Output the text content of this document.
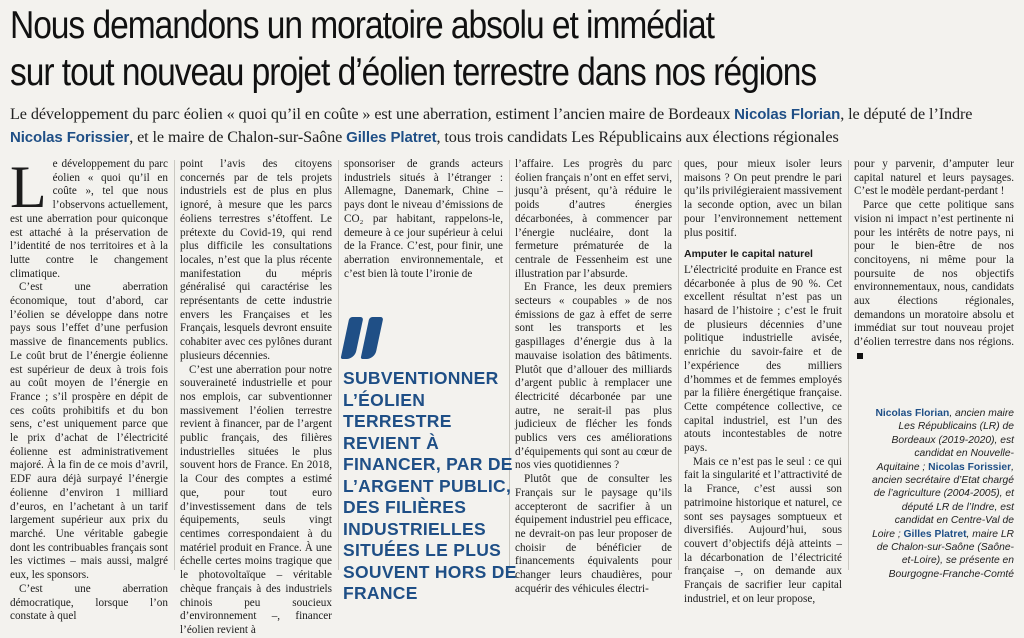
Nous demandons un moratoire absolu et immédiat
sur tout nouveau projet d’éolien terrestre dans nos régions
Le développement du parc éolien « quoi qu’il en coûte » est une aberration, estiment l’ancien maire de Bordeaux Nicolas Florian, le député de l’Indre Nicolas Forissier, et le maire de Chalon-sur-Saône Gilles Platret, tous trois candidats Les Républicains aux élections régionales
L e développement du parc éolien « quoi qu’il en coûte », tel que nous l’observons actuellement, est une aberration pour quiconque est attaché à la préservation de l’identité de nos territoires et à la lutte contre le changement climatique.

C’est une aberration économique, tout d’abord, car l’éolien se développe dans notre pays sous l’effet d’une perfusion massive de financements publics. Le coût brut de l’énergie éolienne est supérieur de deux à trois fois au coût moyen de l’énergie en France ; s’il prospère en dépit de ces coûts prohibitifs et du bon sens, c’est uniquement parce que le prix d’achat de l’électricité éolienne est administrativement majoré. À la fin de ce mois d’avril, EDF aura déjà surpayé l’énergie éolienne d’environ 1 milliard d’euros, en l’achetant à un tarif largement supérieur aux prix du marché. Une véritable gabegie dont les contribuables français sont les victimes – mais aussi, malgré eux, les sponsors.

C’est une aberration démocratique, lorsque l’on constate à quel

point l’avis des citoyens concernés par de tels projets industriels est de plus en plus ignoré, à mesure que les parcs éoliens terrestres s’étoffent. Le prétexte du Covid-19, qui rend plus difficile les consultations locales, n’est que la plus récente manifestation du mépris généralisé qui caractérise les représentants de cette industrie envers les Françaises et les Français, lesquels devront ensuite cohabiter avec ces pylônes durant plusieurs décennies.

C’est une aberration pour notre souveraineté industrielle et pour nos emplois, car subventionner massivement l’éolien terrestre revient à financer, par de l’argent public français, des filières industrielles situées le plus souvent hors de France. En 2018, la Cour des comptes a estimé que, pour tout euro d’investissement dans de tels équipements, seuls vingt centimes correspondaient à du matériel produit en France. À une échelle certes moins tragique que le photovoltaïque – véritable chèque français à des industriels chinois peu soucieux d’environnement –, financer l’éolien revient à

sponsoriser de grands acteurs industriels situés à l’étranger : Allemagne, Danemark, Chine – pays dont le niveau d’émissions de CO₂ par habitant, rappelons-le, demeure à ce jour supérieur à celui de la France. C’est, pour finir, une aberration environnementale, et c’est bien là toute l’ironie de

SUBVENTIONNER L’ÉOLIEN TERRESTRE REVIENT À FINANCER, PAR DE L’ARGENT PUBLIC, DES FILIÈRES INDUSTRIELLES SITUÉES LE PLUS SOUVENT HORS DE FRANCE

l’affaire. Les progrès du parc éolien français n’ont en effet servi, jusqu’à présent, qu’à réduire le poids d’autres énergies décarbonées, à commencer par l’énergie nucléaire, dont la fermeture prématurée de la centrale de Fessenheim est une illustration par l’absurde.

En France, les deux premiers secteurs « coupables » de nos émissions de gaz à effet de serre sont les transports et les gaspillages d’énergie dus à la mauvaise isolation des bâtiments. Plutôt que d’allouer des milliards d’argent public à remplacer une électricité décarbonée par une autre, ne serait-il pas plus judicieux de flécher les fonds publics vers ces améliorations d’équipements qui sont au cœur de nos vies quotidiennes ?

Plutôt que de consulter les Français sur le paysage qu’ils accepteront de sacrifier à un équipement industriel peu efficace, ne devrait-on pas leur proposer de choisir de bénéficier de financements équivalents pour changer leurs chaudières, pour acquérir des véhicules électri-

ques, pour mieux isoler leurs maisons ? On peut prendre le pari qu’ils privilégieraient massivement la seconde option, avec un bilan pour l’environnement nettement plus positif.

Amputer le capital naturel

L’électricité produite en France est décarbonée à plus de 90 %. Cet excellent résultat n’est pas un hasard de l’histoire ; c’est le fruit de plusieurs décennies d’une politique industrielle avisée, enrichie du savoir-faire et de l’expérience des milliers d’hommes et de femmes employés par la filière énergétique française. Cette compétence collective, ce capital industriel, est l’un des atouts incontestables de notre pays.

Mais ce n’est pas le seul : ce qui fait la singularité et l’attractivité de la France, c’est aussi son patrimoine historique et naturel, ce sont ses paysages somptueux et diversifiés. Aujourd’hui, sous couvert d’objectifs déjà atteints – la décarbonation de l’électricité française –, on demande aux Français de sacrifier leur capital industriel, et on leur propose,

pour y parvenir, d’amputer leur capital naturel et leurs paysages. C’est le modèle perdant-perdant !

Parce que cette politique sans vision ni impact n’est pertinente ni pour les intérêts de notre pays, ni pour le bien-être de nos concitoyens, ni même pour la poursuite de nos objectifs environnementaux, nous, candidats aux élections régionales, demandons un moratoire absolu et immédiat sur tout nouveau projet d’éolien terrestre dans nos régions.

Nicolas Florian, ancien maire Les Républicains (LR) de Bordeaux (2019-2020), est candidat en Nouvelle-Aquitaine ; Nicolas Forissier, ancien secrétaire d’Etat chargé de l’agriculture (2004-2005), et député LR de l’Indre, est candidat en Centre-Val de Loire ; Gilles Platret, maire LR de Chalon-sur-Saône (Saône-et-Loire), se présente en Bourgogne-Franche-Comté
